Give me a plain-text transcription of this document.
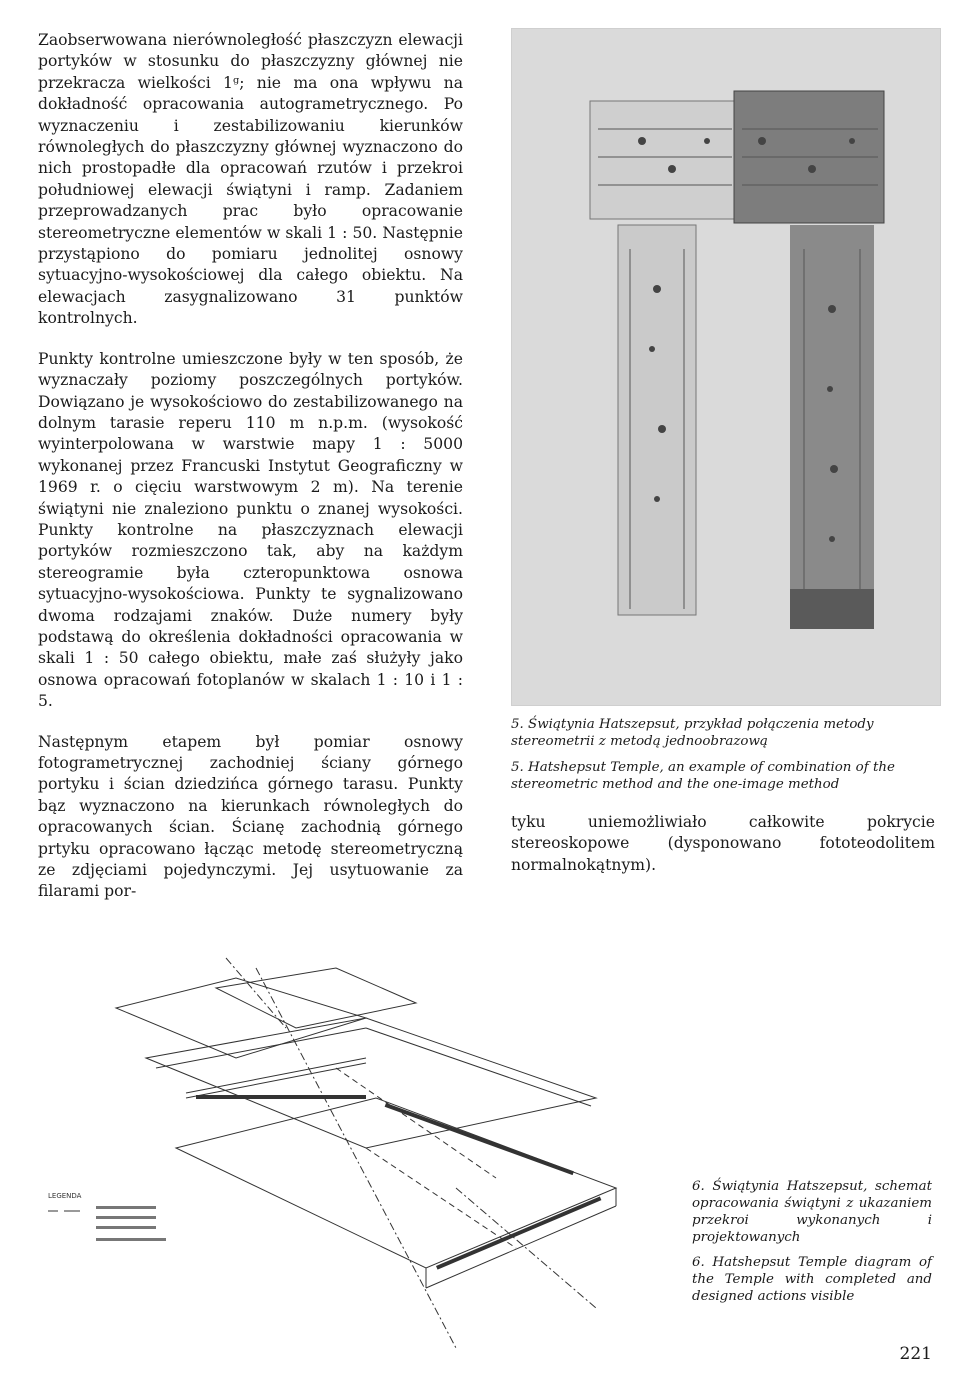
Zaobserwowana nierównoległość płaszczyzn elewacji portyków w stosunku do płaszczyzny głównej nie przekracza wielkości 1ᵍ; nie ma ona wpływu na dokładność opracowania autogrametrycznego. Po wyznaczeniu i zestabilizowaniu kierunków równoległych do płaszczyzny głównej wyznaczono do nich prostopadłe dla opracowań rzutów i przekroi południowej elewacji świątyni i ramp. Zadaniem przeprowadzanych prac było opracowanie stereometryczne elementów w skali 1 : 50. Następnie przystąpiono do pomiaru jednolitej osnowy sytuacyjno-wysokościowej dla całego obiektu. Na elewacjach zasygnalizowano 31 punktów kontrolnych.

Punkty kontrolne umieszczone były w ten sposób, że wyznaczały poziomy poszczególnych portyków. Dowiązano je wysokościowo do zestabilizowanego na dolnym tarasie reperu 110 m n.p.m. (wysokość wyinterpolowana w warstwie mapy 1 : 5000 wykonanej przez Francuski Instytut Geograficzny w 1969 r. o cięciu warstwowym 2 m). Na terenie świątyni nie znaleziono punktu o znanej wysokości. Punkty kontrolne na płaszczyznach elewacji portyków rozmieszczono tak, aby na każdym stereogramie była czteropunktowa osnowa sytuacyjno-wysokościowa. Punkty te sygnalizowano dwoma rodzajami znaków. Duże numery były podstawą do określenia dokładności opracowania w skali 1 : 50 całego obiektu, małe zaś służyły jako osnowa opracowań fotoplanów w skalach 1 : 10 i 1 : 5.

Następnym etapem był pomiar osnowy fotogrametrycznej zachodniej ściany górnego portyku i ścian dziedzińca górnego tarasu. Punkty bąz wyznaczono na kierunkach równoległych do opracowanych ścian. Ścianę zachodnią górnego prtyku opracowano łącząc metodę stereometryczną ze zdjęciami pojedynczymi. Jej usytuowanie za filarami por-

5. Świątynia Hatszepsut, przykład połączenia metody stereometrii z metodą jednoobrazową

5. Hatshepsut Temple, an example of combination of the stereometric method and the one-image method

tyku uniemożliwiało całkowite pokrycie stereoskopowe (dysponowano fototeodolitem normalnokątnym).

LEGENDA

6. Świątynia Hatszepsut, schemat opracowania świątyni z ukazaniem przekroi wykonanych i projektowanych

6. Hatshepsut Temple diagram of the Temple with completed and designed actions visible

221
